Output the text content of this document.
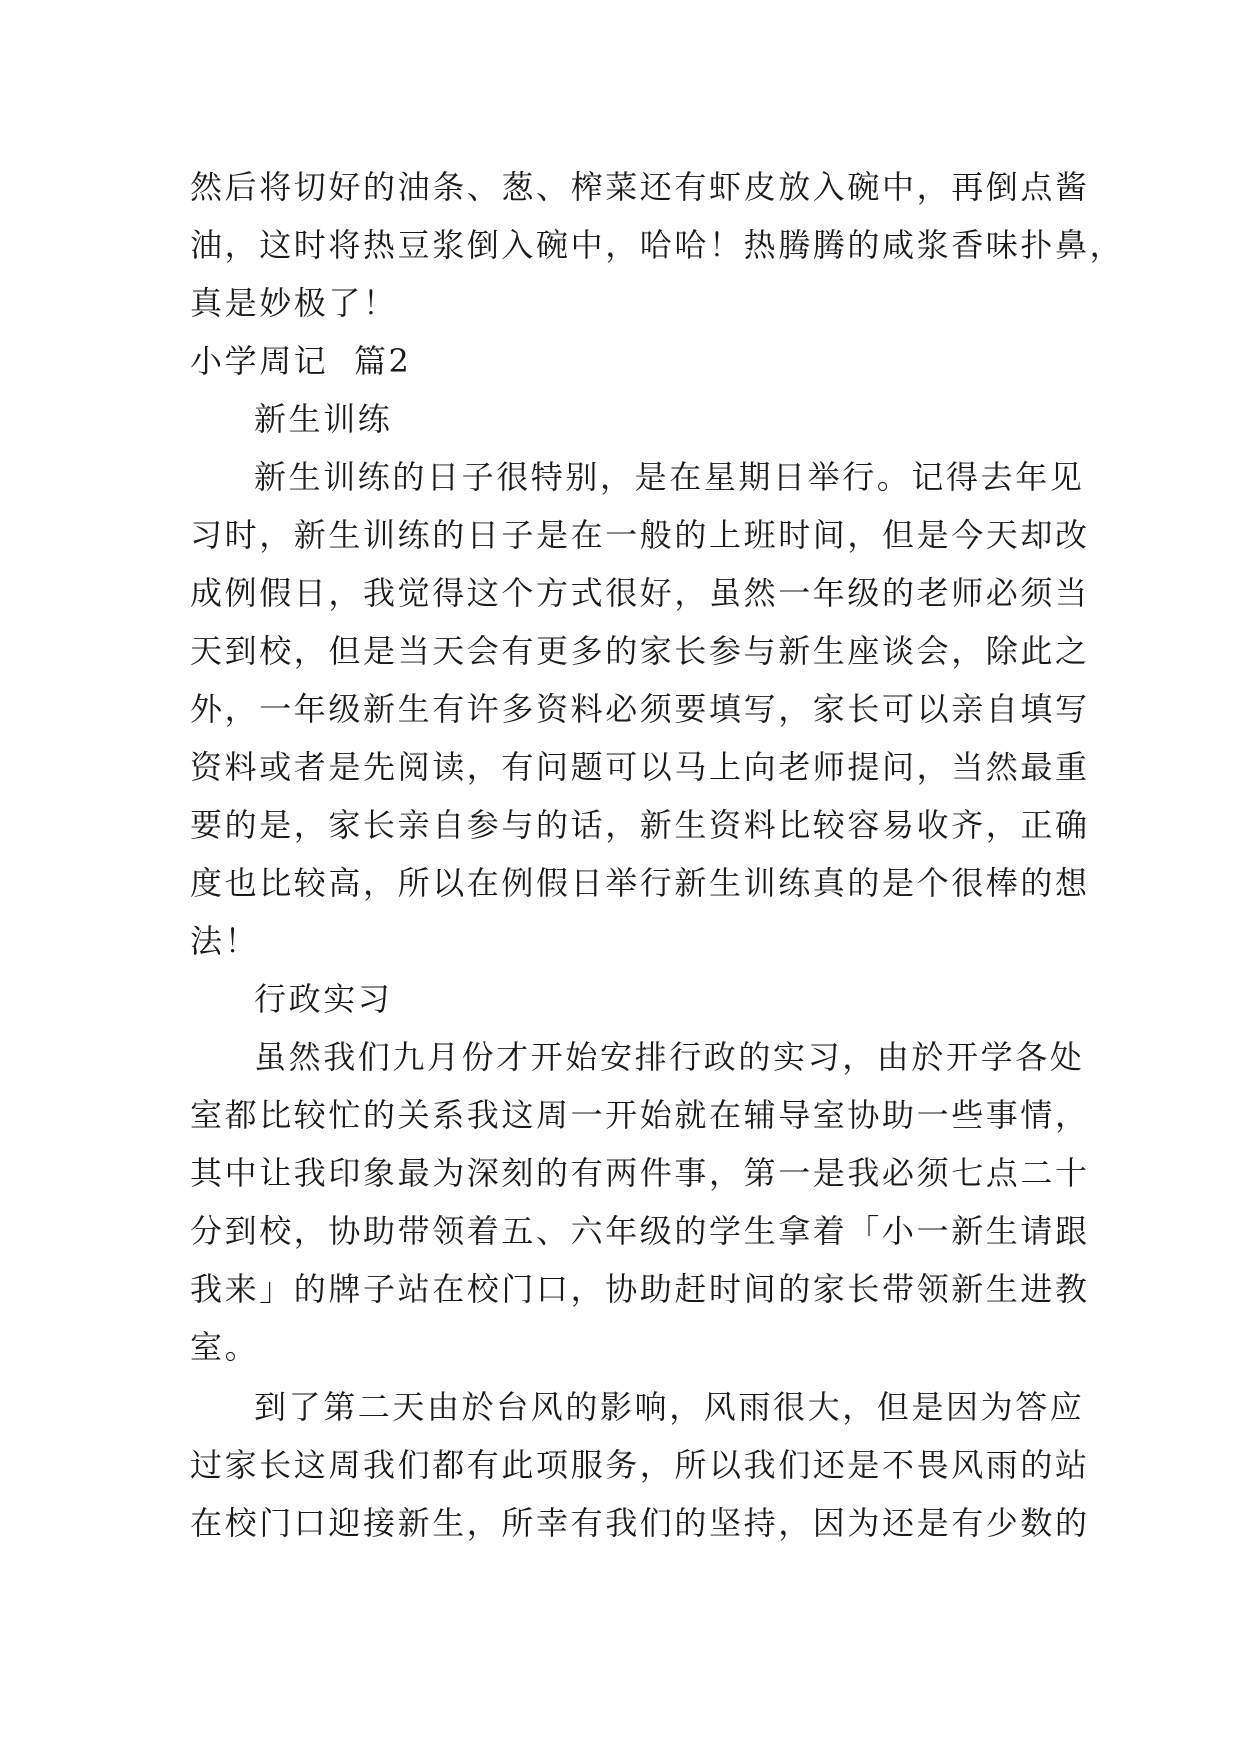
然后将切好的油条、葱、榨菜还有虾皮放入碗中，再倒点酱
油，这时将热豆浆倒入碗中，哈哈！热腾腾的咸浆香味扑鼻，
真是妙极了！
小学周记  篇2
新生训练
新生训练的日子很特别，是在星期日举行。记得去年见
习时，新生训练的日子是在一般的上班时间，但是今天却改
成例假日，我觉得这个方式很好，虽然一年级的老师必须当
天到校，但是当天会有更多的家长参与新生座谈会，除此之
外，一年级新生有许多资料必须要填写，家长可以亲自填写
资料或者是先阅读，有问题可以马上向老师提问，当然最重
要的是，家长亲自参与的话，新生资料比较容易收齐，正确
度也比较高，所以在例假日举行新生训练真的是个很棒的想
法！
行政实习
虽然我们九月份才开始安排行政的实习，由於开学各处
室都比较忙的关系我这周一开始就在辅导室协助一些事情，
其中让我印象最为深刻的有两件事，第一是我必须七点二十
分到校，协助带领着五、六年级的学生拿着「小一新生请跟
我来」的牌子站在校门口，协助赶时间的家长带领新生进教
室。
到了第二天由於台风的影响，风雨很大，但是因为答应
过家长这周我们都有此项服务，所以我们还是不畏风雨的站
在校门口迎接新生，所幸有我们的坚持，因为还是有少数的
